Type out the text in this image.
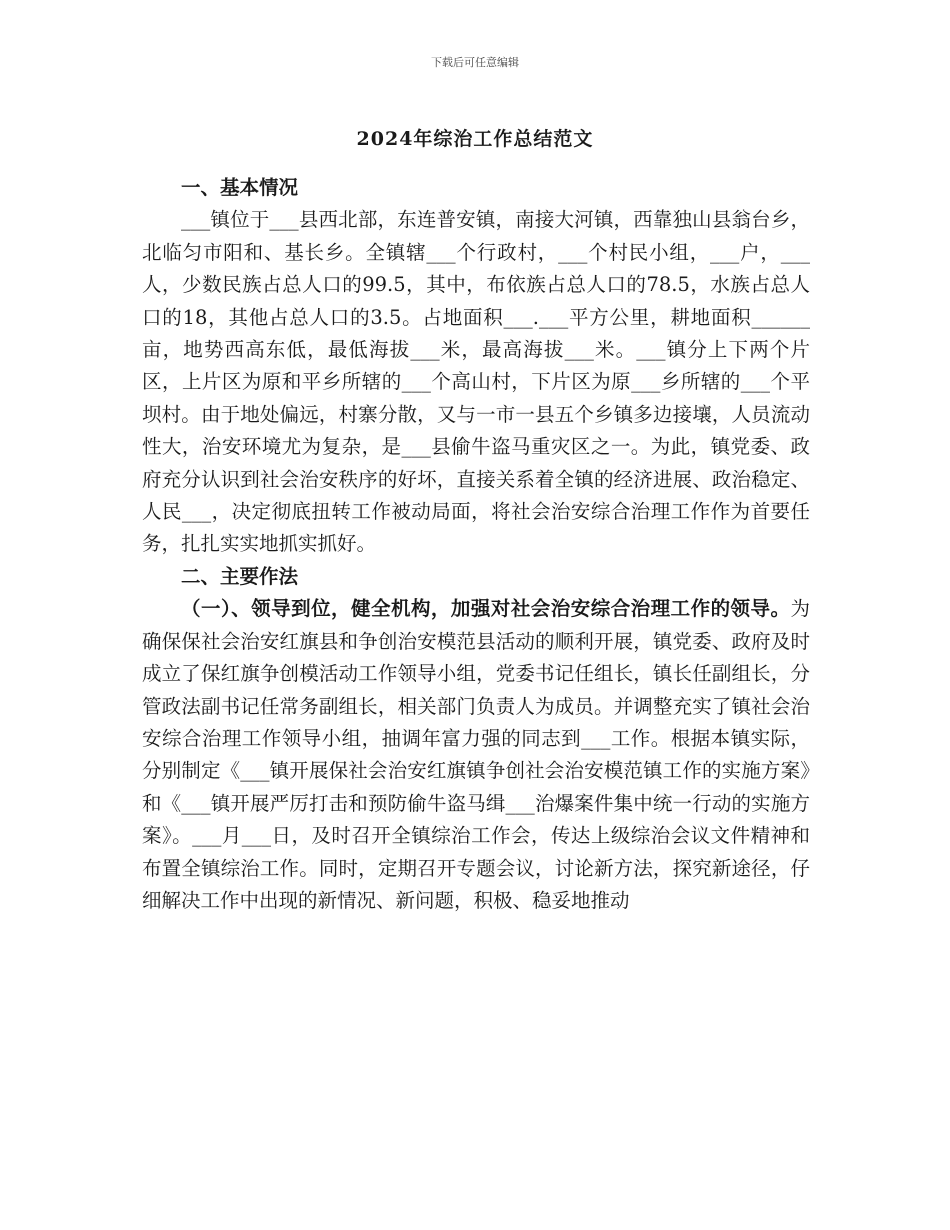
下载后可任意编辑
2024年综治工作总结范文
一、基本情况

___镇位于___县西北部，东连普安镇，南接大河镇，西靠独山县翁台乡，北临匀市阳和、基长乡。全镇辖___个行政村，___个村民小组，___户，___人，少数民族占总人口的99.5，其中，布依族占总人口的78.5，水族占总人口的18，其他占总人口的3.5。占地面积___.___平方公里，耕地面积______亩，地势西高东低，最低海拔___米，最高海拔___米。___镇分上下两个片区，上片区为原和平乡所辖的___个高山村，下片区为原___乡所辖的___个平坝村。由于地处偏远，村寨分散，又与一市一县五个乡镇多边接壤，人员流动性大，治安环境尤为复杂，是___县偷牛盗马重灾区之一。为此，镇党委、政府充分认识到社会治安秩序的好坏，直接关系着全镇的经济进展、政治稳定、人民___，决定彻底扭转工作被动局面，将社会治安综合治理工作作为首要任务，扎扎实实地抓实抓好。

二、主要作法

（一）、领导到位，健全机构，加强对社会治安综合治理工作的领导。为确保保社会治安红旗县和争创治安模范县活动的顺利开展，镇党委、政府及时成立了保红旗争创模活动工作领导小组，党委书记任组长，镇长任副组长，分管政法副书记任常务副组长，相关部门负责人为成员。并调整充实了镇社会治安综合治理工作领导小组，抽调年富力强的同志到___工作。根据本镇实际，分别制定《___镇开展保社会治安红旗镇争创社会治安模范镇工作的实施方案》和《___镇开展严厉打击和预防偷牛盗马缉___治爆案件集中统一行动的实施方案》。___月___日，及时召开全镇综治工作会，传达上级综治会议文件精神和布置全镇综治工作。同时，定期召开专题会议，讨论新方法，探究新途径，仔细解决工作中出现的新情况、新问题，积极、稳妥地推动
